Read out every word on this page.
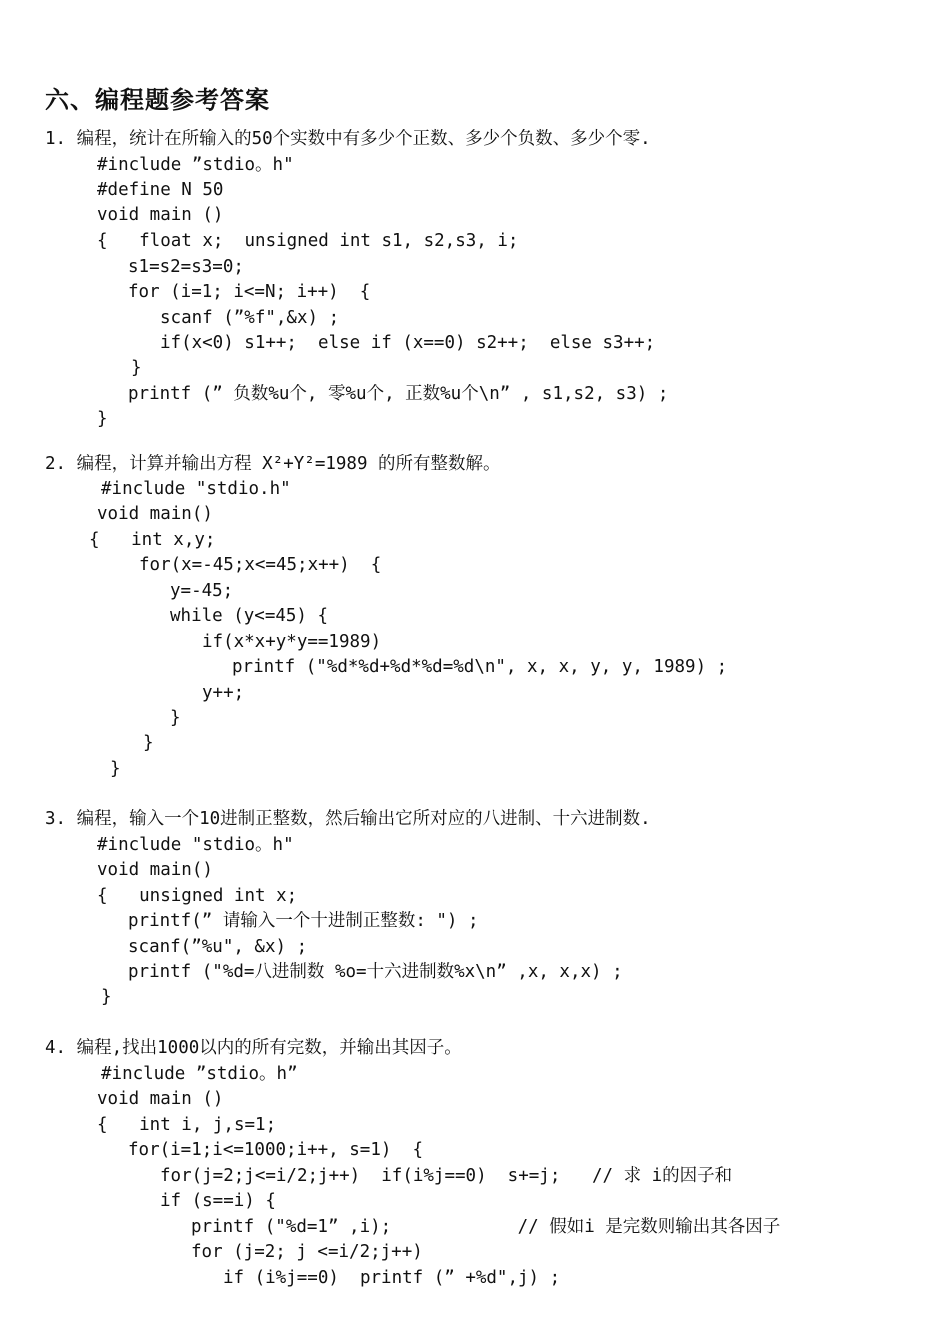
六、编程题参考答案
1. 编程，统计在所输入的50个实数中有多少个正数、多少个负数、多少个零.
#include ”stdio。h"
#define N 50
void main ()
{   float x;  unsigned int s1, s2,s3, i;
s1=s2=s3=0;
for (i=1; i<=N; i++)  {
scanf (”%f",&x) ;
if(x<0) s1++;  else if (x==0) s2++;  else s3++;
}
printf (” 负数%u个, 零%u个, 正数%u个\n” , s1,s2, s3) ;
}
2. 编程，计算并输出方程 X²+Y²=1989 的所有整数解。
#include "stdio.h"
void main()
{   int x,y;
for(x=-45;x<=45;x++)  {
y=-45;
while (y<=45) {
if(x*x+y*y==1989)
printf ("%d*%d+%d*%d=%d\n", x, x, y, y, 1989) ;
y++;
}
}
}
3. 编程，输入一个10进制正整数，然后输出它所对应的八进制、十六进制数.
#include "stdio。h"
void main()
{   unsigned int x;
printf(” 请输入一个十进制正整数: ") ;
scanf(”%u", &x) ;
printf ("%d=八进制数 %o=十六进制数%x\n” ,x, x,x) ;
}
4. 编程,找出1000以内的所有完数，并输出其因子。
#include ”stdio。h”
void main ()
{   int i, j,s=1;
for(i=1;i<=1000;i++, s=1)  {
for(j=2;j<=i/2;j++)  if(i%j==0)  s+=j;   // 求 i的因子和
if (s==i) {
printf ("%d=1” ,i);            // 假如i 是完数则输出其各因子
for (j=2; j <=i/2;j++)
if (i%j==0)  printf (” +%d",j) ;
